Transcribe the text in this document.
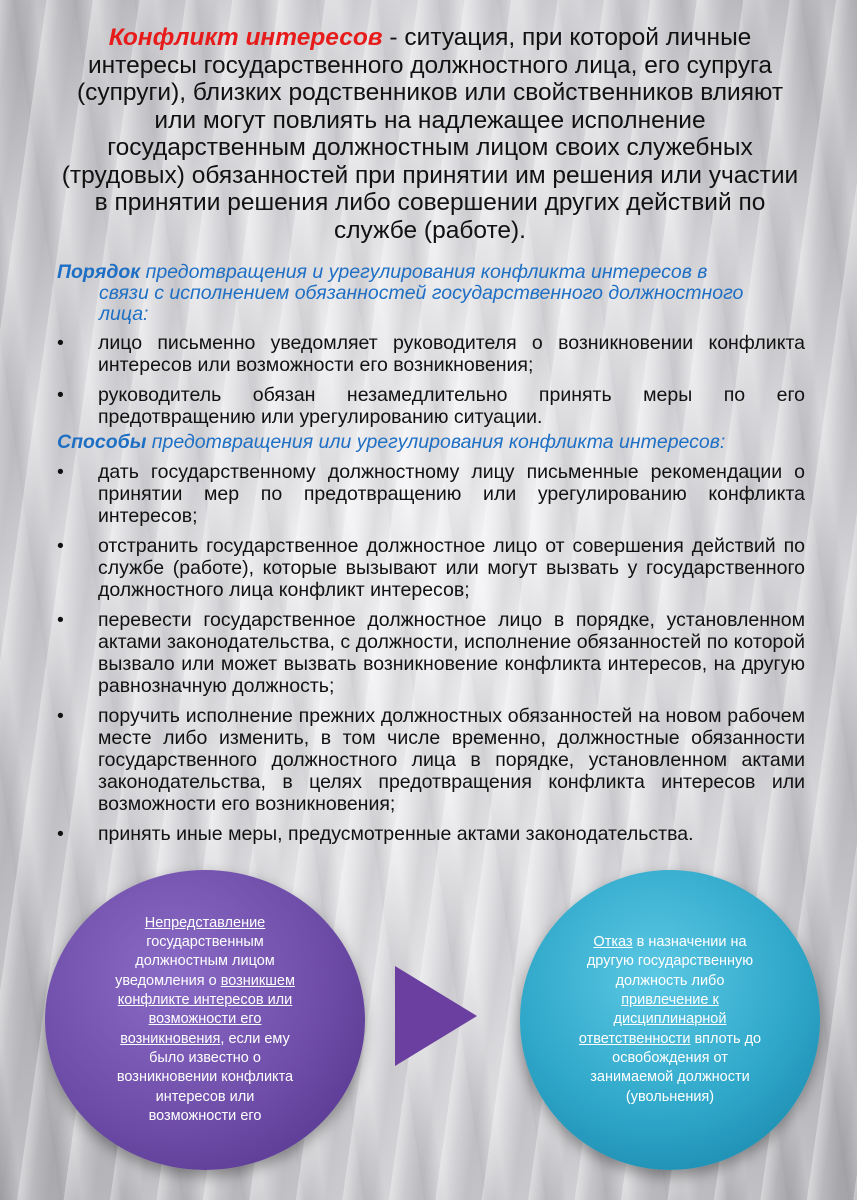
Конфликт интересов - ситуация, при которой личные интересы государственного должностного лица, его супруга (супруги), близких родственников или свойственников влияют или могут повлиять на надлежащее исполнение государственным должностным лицом своих служебных (трудовых) обязанностей при принятии им решения или участии в принятии решения либо совершении других действий по службе (работе).
Порядок предотвращения и урегулирования конфликта интересов в
связи с исполнением обязанностей государственного должностного
лица:
• лицо письменно уведомляет руководителя о возникновении конфликта интересов или возможности его возникновения;
• руководитель обязан незамедлительно принять меры по его предотвращению или урегулированию ситуации.
Способы предотвращения или урегулирования конфликта интересов:
• дать государственному должностному лицу письменные рекомендации о принятии мер по предотвращению или урегулированию конфликта интересов;
• отстранить государственное должностное лицо от совершения действий по службе (работе), которые вызывают или могут вызвать у государственного должностного лица конфликт интересов;
• перевести государственное должностное лицо в порядке, установленном актами законодательства, с должности, исполнение обязанностей по которой вызвало или может вызвать возникновение конфликта интересов, на другую равнозначную должность;
• поручить исполнение прежних должностных обязанностей на новом рабочем месте либо изменить, в том числе временно, должностные обязанности государственного должностного лица в порядке, установленном актами законодательства, в целях предотвращения конфликта интересов или возможности его возникновения;
• принять иные меры, предусмотренные актами законодательства.

Непредставление государственным должностным лицом уведомления о возникшем конфликте интересов или возможности его возникновения, если ему было известно о возникновении конфликта интересов или возможности его

Отказ в назначении на другую государственную должность либо привлечение к дисциплинарной ответственности вплоть до освобождения от занимаемой должности (увольнения)
